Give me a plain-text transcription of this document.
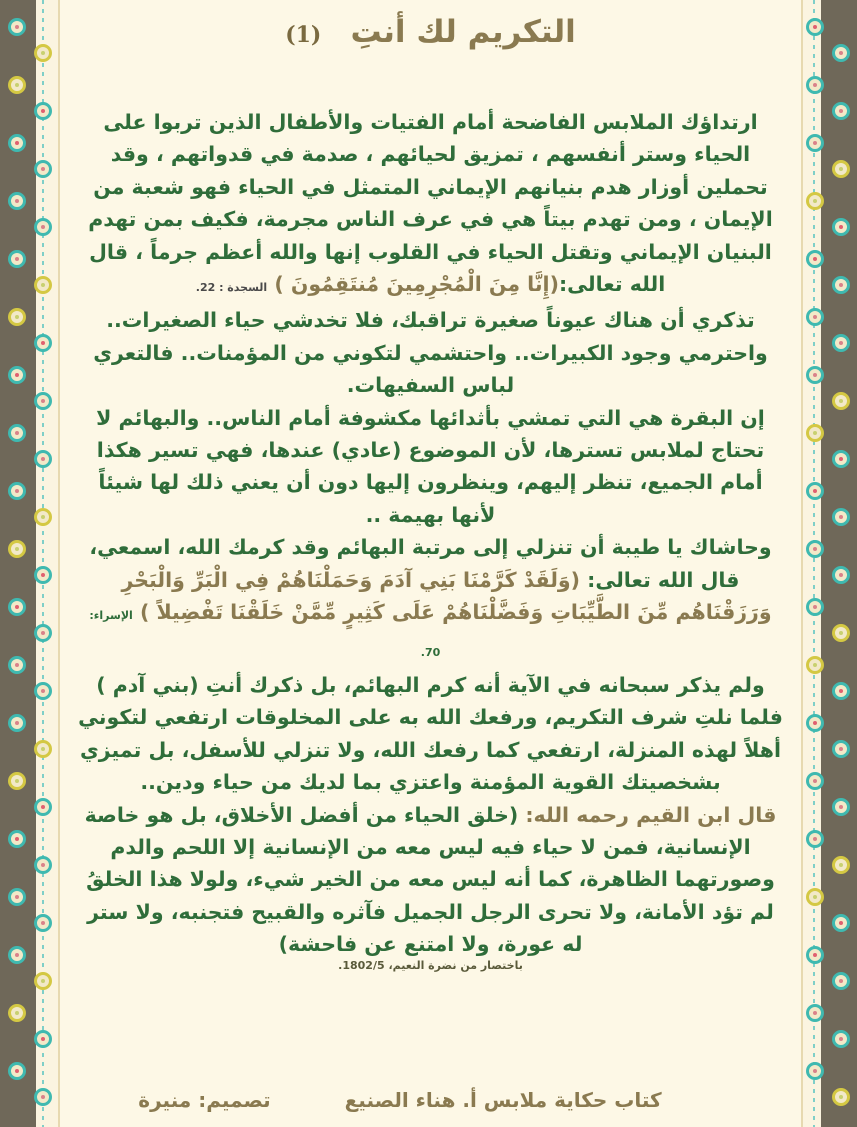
التكريم لك أنتِ (1)

ارتداؤك الملابس الفاضحة أمام الفتيات والأطفال الذين تربوا على الحياء وستر أنفسهم ، تمزيق لحيائهم ، صدمة في قدواتهم ، وقد تحملين أوزار هدم بنيانهم الإيماني المتمثل في الحياء فهو شعبة من الإيمان ، ومن تهدم بيتاً هي في عرف الناس مجرمة، فكيف بمن تهدم البنيان الإيماني وتقتل الحياء في القلوب إنها والله أعظم جرماً ، قال الله تعالى:(إِنَّا مِنَ الْمُجْرِمِينَ مُنتَقِمُونَ ) السجدة : 22.

تذكري أن هناك عيوناً صغيرة تراقبك، فلا تخدشي حياء الصغيرات.. واحترمي وجود الكبيرات.. واحتشمي لتكوني من المؤمنات.. فالتعري لباس السفيهات.

إن البقرة هي التي تمشي بأثدائها مكشوفة أمام الناس.. والبهائم لا تحتاج لملابس تسترها، لأن الموضوع (عادي) عندها، فهي تسير هكذا أمام الجميع، تنظر إليهم، وينظرون إليها دون أن يعني ذلك لها شيئاً لأنها بهيمة ..

وحاشاك يا طيبة أن تنزلي إلى مرتبة البهائم وقد كرمك الله، اسمعي، قال الله تعالى: (وَلَقَدْ كَرَّمْنَا بَنِي آدَمَ وَحَمَلْنَاهُمْ فِي الْبَرِّ وَالْبَحْرِ وَرَزَقْنَاهُم مِّنَ الطَّيِّبَاتِ وَفَضَّلْنَاهُمْ عَلَى كَثِيرٍ مِّمَّنْ خَلَقْنَا تَفْضِيلاً ) الإسراء: 70.

ولم يذكر سبحانه في الآية أنه كرم البهائم، بل ذكرك أنتِ (بني آدم ) فلما نلتِ شرف التكريم، ورفعك الله به على المخلوقات ارتفعي لتكوني أهلاً لهذه المنزلة، ارتفعي كما رفعك الله، ولا تنزلي للأسفل، بل تميزي بشخصيتك القوية المؤمنة واعتزي بما لديك من حياء ودين..

قال ابن القيم رحمه الله: (خلق الحياء من أفضل الأخلاق، بل هو خاصة الإنسانية، فمن لا حياء فيه ليس معه من الإنسانية إلا اللحم والدم وصورتهما الظاهرة، كما أنه ليس معه من الخير شيء، ولولا هذا الخلقُ لم تؤد الأمانة، ولا تحرى الرجل الجميل فآثره والقبيح فتجنبه، ولا ستر له عورة، ولا امتنع عن فاحشة)
باختصار من نضرة النعيم، 1802/5.

كتاب حكاية ملابس أ. هناء الصنيع  تصميم: منيرة
